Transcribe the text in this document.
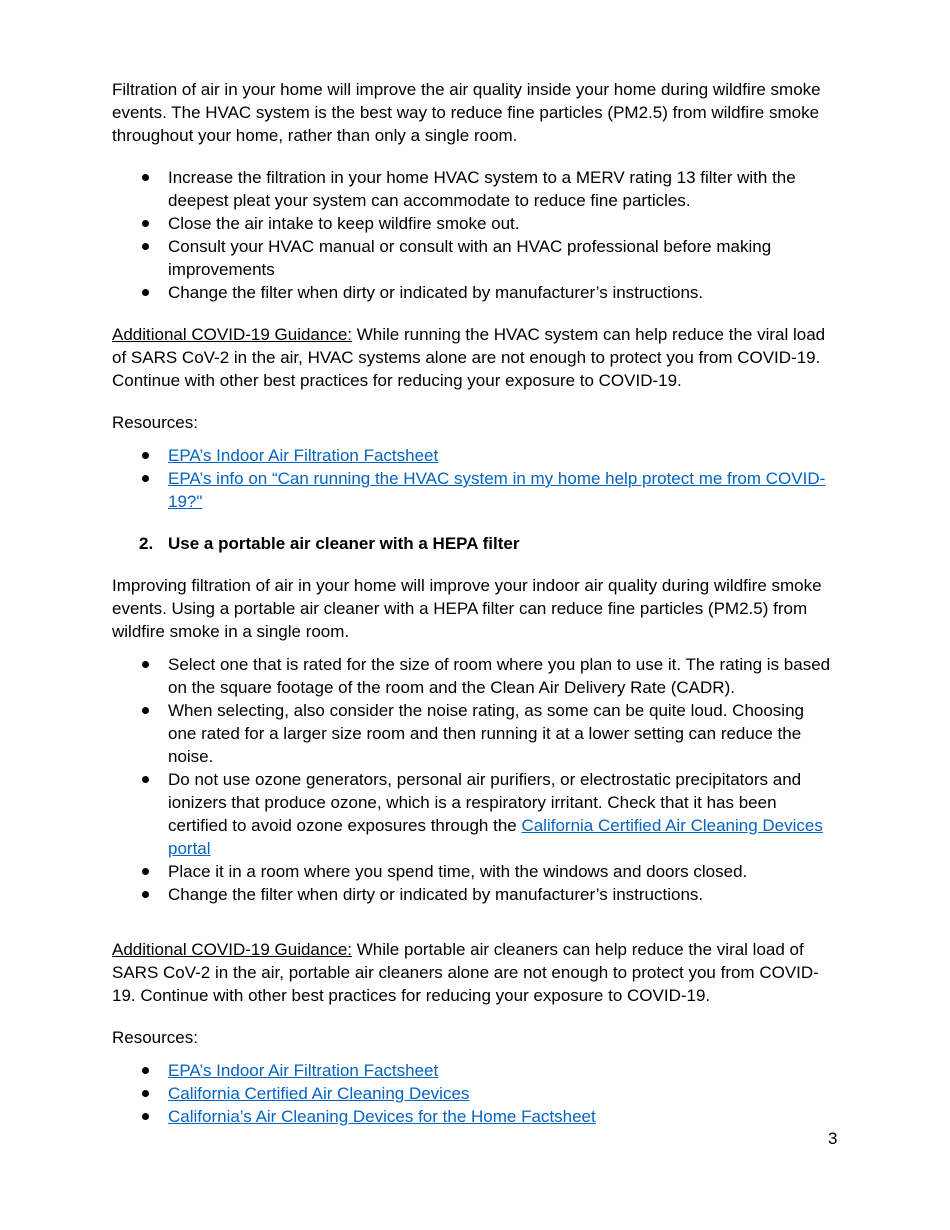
Filtration of air in your home will improve the air quality inside your home during wildfire smoke events. The HVAC system is the best way to reduce fine particles (PM2.5) from wildfire smoke throughout your home, rather than only a single room.

Increase the filtration in your home HVAC system to a MERV rating 13 filter with the deepest pleat your system can accommodate to reduce fine particles.
Close the air intake to keep wildfire smoke out.
Consult your HVAC manual or consult with an HVAC professional before making improvements
Change the filter when dirty or indicated by manufacturer’s instructions.

Additional COVID-19 Guidance: While running the HVAC system can help reduce the viral load of SARS CoV-2 in the air, HVAC systems alone are not enough to protect you from COVID-19. Continue with other best practices for reducing your exposure to COVID-19.

Resources:

EPA’s Indoor Air Filtration Factsheet
EPA’s info on “Can running the HVAC system in my home help protect me from COVID-19?"

2. Use a portable air cleaner with a HEPA filter

Improving filtration of air in your home will improve your indoor air quality during wildfire smoke events. Using a portable air cleaner with a HEPA filter can reduce fine particles (PM2.5) from wildfire smoke in a single room.

Select one that is rated for the size of room where you plan to use it. The rating is based on the square footage of the room and the Clean Air Delivery Rate (CADR).
When selecting, also consider the noise rating, as some can be quite loud. Choosing one rated for a larger size room and then running it at a lower setting can reduce the noise.
Do not use ozone generators, personal air purifiers, or electrostatic precipitators and ionizers that produce ozone, which is a respiratory irritant. Check that it has been certified to avoid ozone exposures through the California Certified Air Cleaning Devices portal
Place it in a room where you spend time, with the windows and doors closed.
Change the filter when dirty or indicated by manufacturer’s instructions.

Additional COVID-19 Guidance: While portable air cleaners can help reduce the viral load of SARS CoV-2 in the air, portable air cleaners alone are not enough to protect you from COVID-19. Continue with other best practices for reducing your exposure to COVID-19.

Resources:

EPA’s Indoor Air Filtration Factsheet
California Certified Air Cleaning Devices
California’s Air Cleaning Devices for the Home Factsheet
3
